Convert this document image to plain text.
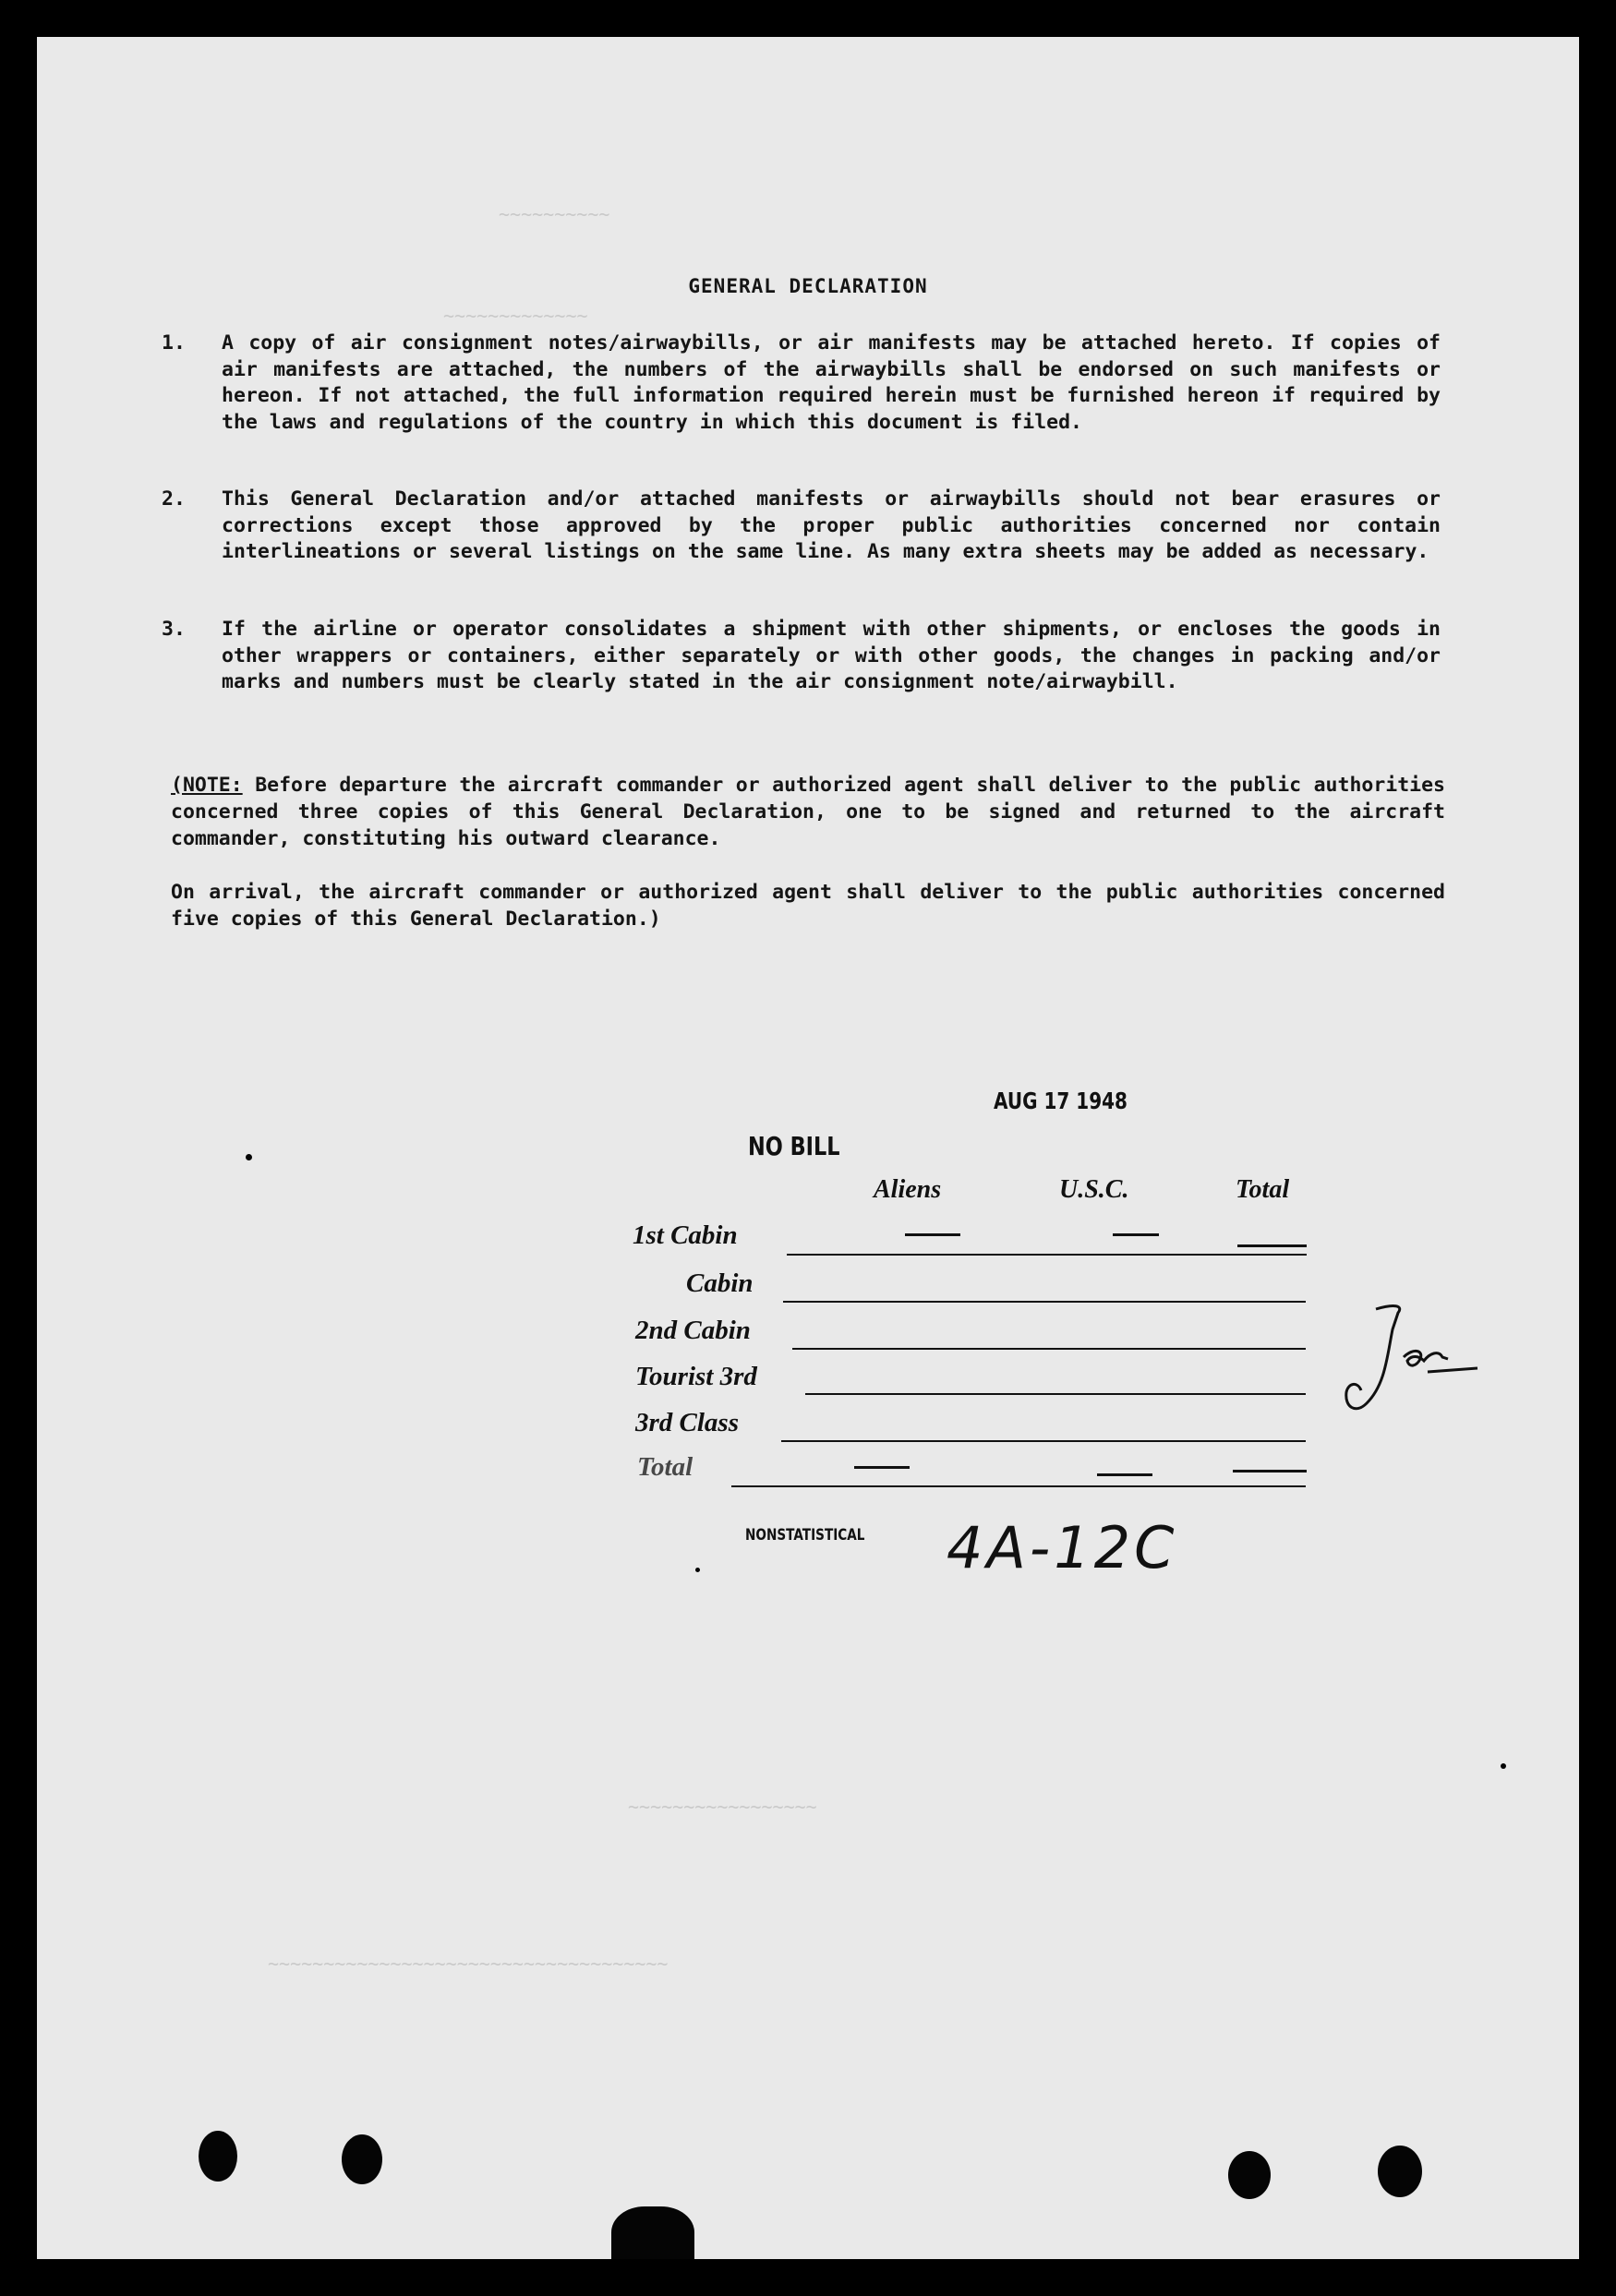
~~~~~~~~~~
~~~~~~~~~~~~~
~~~~~~~~~~~~~~~~~
~~~~~~~~~~~~~~~~~~~~~~~~~~~~~~~~~~~~
GENERAL DECLARATION
1. A copy of air consignment notes/airwaybills, or air manifests may be attached hereto. If copies of air manifests are attached, the numbers of the airwaybills shall be endorsed on such manifests or hereon. If not attached, the full information required herein must be furnished hereon if required by the laws and regulations of the country in which this document is filed.
2. This General Declaration and/or attached manifests or airwaybills should not bear erasures or corrections except those approved by the proper public authorities concerned nor contain interlineations or several listings on the same line. As many extra sheets may be added as necessary.
3. If the airline or operator consolidates a shipment with other shipments, or encloses the goods in other wrappers or containers, either separately or with other goods, the changes in packing and/or marks and numbers must be clearly stated in the air consignment note/airwaybill.
(NOTE: Before departure the aircraft commander or authorized agent shall deliver to the public authorities concerned three copies of this General Declaration, one to be signed and returned to the aircraft commander, constituting his outward clearance.
On arrival, the aircraft commander or authorized agent shall deliver to the public authorities concerned five copies of this General Declaration.)
AUG 17 1948
NO BILL
Aliens	U.S.C.	Total
1st Cabin
Cabin
2nd Cabin
Tourist 3rd
3rd Class
Total
NONSTATISTICAL 4A-12C
